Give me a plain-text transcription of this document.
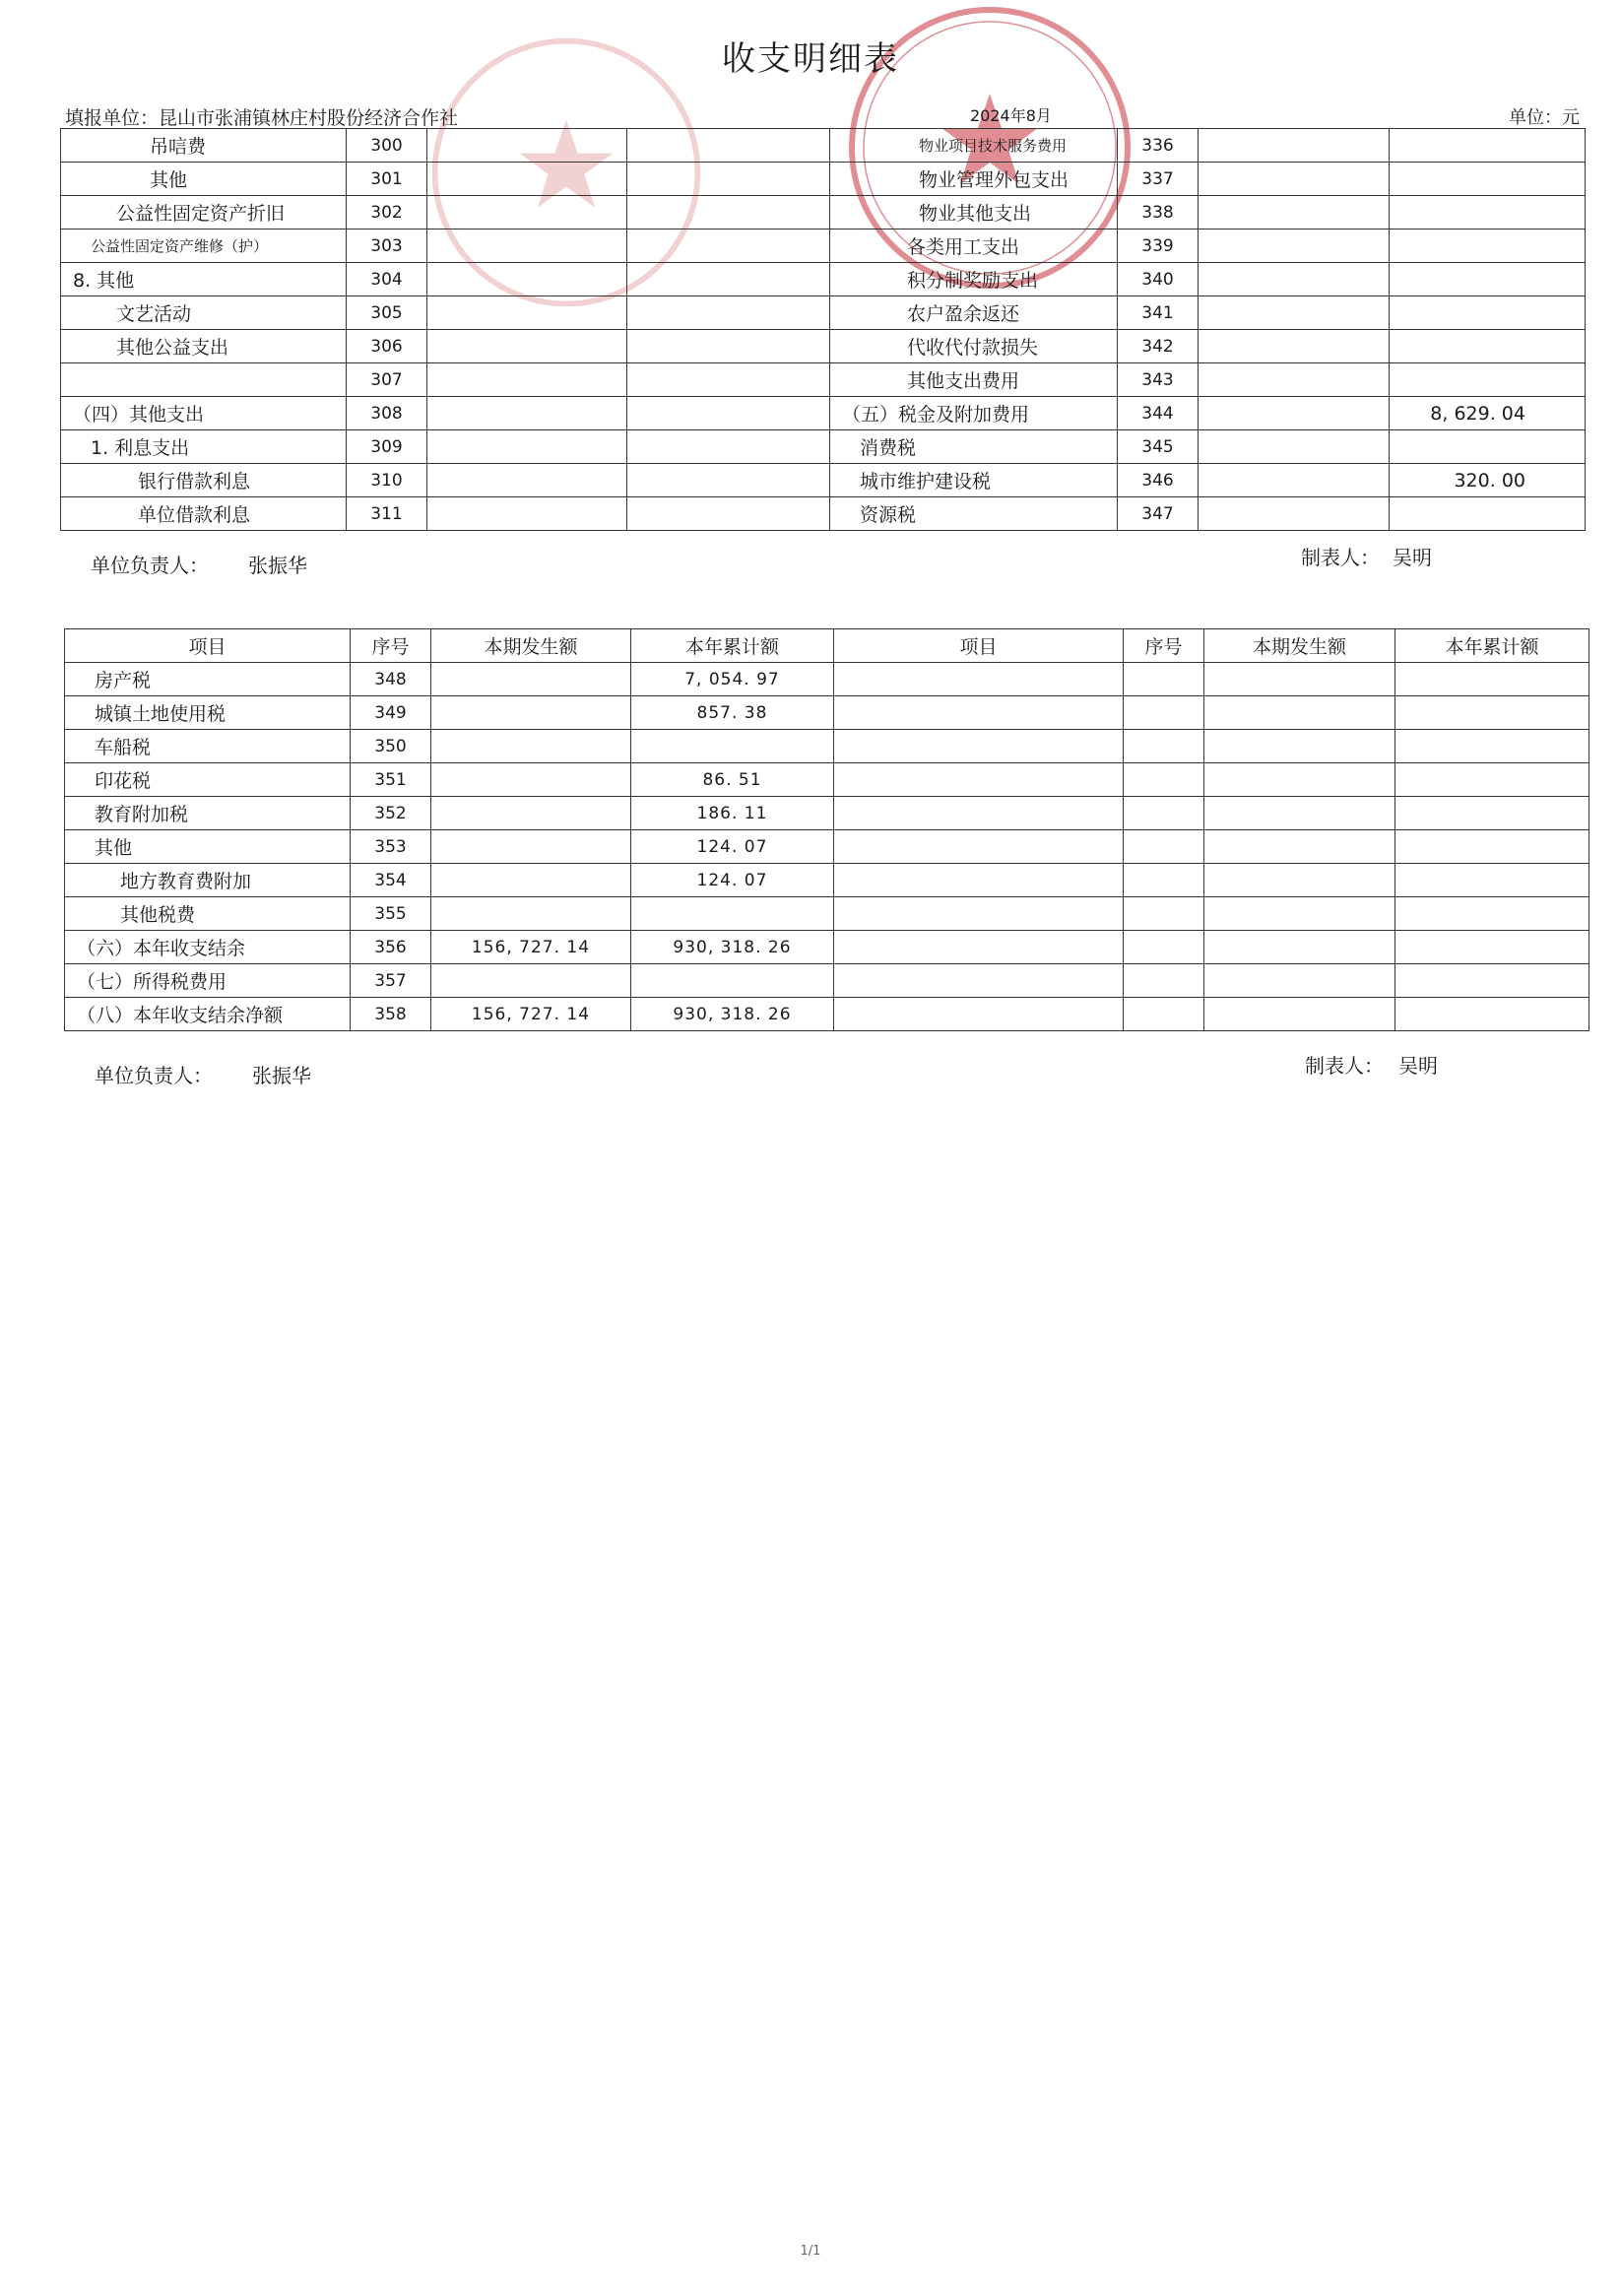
收支明细表
填报单位：昆山市张浦镇林庄村股份经济合作社	2024年8月	单位：元
吊唁费	300			物业项目技术服务费用	336		
其他	301			物业管理外包支出	337		
公益性固定资产折旧	302			物业其他支出	338		
公益性固定资产维修（护）	303			各类用工支出	339		
8. 其他	304			积分制奖励支出	340		
文艺活动	305			农户盈余返还	341		
其他公益支出	306			代收代付款损失	342		
	307			其他支出费用	343		
（四）其他支出	308			（五）税金及附加费用	344		8, 629. 04
1. 利息支出	309			消费税	345		
银行借款利息	310			城市维护建设税	346		320. 00
单位借款利息	311			资源税	347		
单位负责人： 张振华	制表人： 吴明
项目	序号	本期发生额	本年累计额	项目	序号	本期发生额	本年累计额
房产税	348		7, 054. 97				
城镇土地使用税	349		857. 38				
车船税	350						
印花税	351		86. 51				
教育附加税	352		186. 11				
其他	353		124. 07				
地方教育费附加	354		124. 07				
其他税费	355						
（六）本年收支结余	356	156, 727. 14	930, 318. 26				
（七）所得税费用	357						
（八）本年收支结余净额	358	156, 727. 14	930, 318. 26				
单位负责人： 张振华	制表人： 吴明
1/1
